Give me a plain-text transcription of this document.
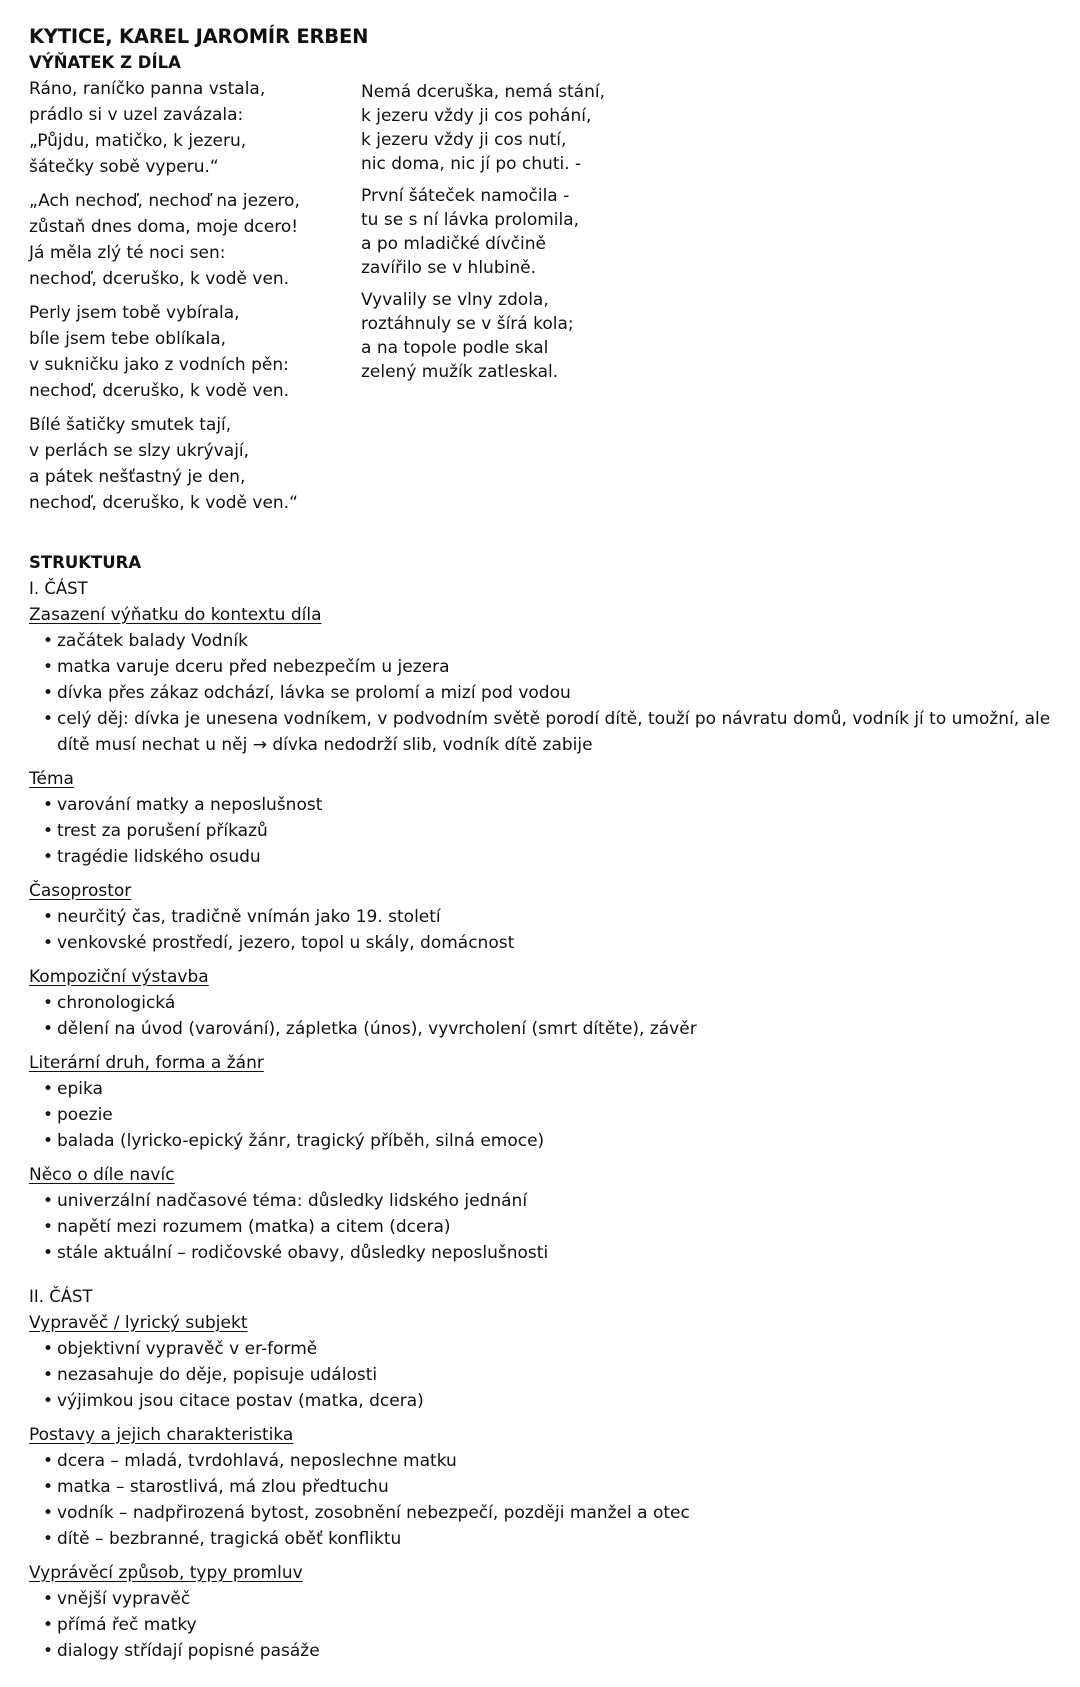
KYTICE, KAREL JAROMÍR ERBEN
VÝŇATEK Z DÍLA
Ráno, raníčko panna vstala,
prádlo si v uzel zavázala:
„Půjdu, matičko, k jezeru,
šátečky sobě vyperu.“
„Ach nechoď, nechoď na jezero,
zůstaň dnes doma, moje dcero!
Já měla zlý té noci sen:
nechoď, dceruško, k vodě ven.
Perly jsem tobě vybírala,
bíle jsem tebe oblíkala,
v sukničku jako z vodních pěn:
nechoď, dceruško, k vodě ven.
Bílé šatičky smutek tají,
v perlách se slzy ukrývají,
a pátek nešťastný je den,
nechoď, dceruško, k vodě ven.“
Nemá dceruška, nemá stání,
k jezeru vždy ji cos pohání,
k jezeru vždy ji cos nutí,
nic doma, nic jí po chuti. -
První šáteček namočila -
tu se s ní lávka prolomila,
a po mladičké dívčině
zavířilo se v hlubině.
Vyvalily se vlny zdola,
roztáhnuly se v šírá kola;
a na topole podle skal
zelený mužík zatleskal.
STRUKTURA

I. ČÁST

Zasazení výňatku do kontextu díla

• začátek balady Vodník
• matka varuje dceru před nebezpečím u jezera
• dívka přes zákaz odchází, lávka se prolomí a mizí pod vodou
• celý děj: dívka je unesena vodníkem, v podvodním světě porodí dítě, touží po návratu domů, vodník jí to umožní, ale dítě musí nechat u něj → dívka nedodrží slib, vodník dítě zabije

Téma

• varování matky a neposlušnost
• trest za porušení příkazů
• tragédie lidského osudu

Časoprostor

• neurčitý čas, tradičně vnímán jako 19. století
• venkovské prostředí, jezero, topol u skály, domácnost

Kompoziční výstavba

• chronologická
• dělení na úvod (varování), zápletka (únos), vyvrcholení (smrt dítěte), závěr

Literární druh, forma a žánr

• epika
• poezie
• balada (lyricko-epický žánr, tragický příběh, silná emoce)

Něco o díle navíc

• univerzální nadčasové téma: důsledky lidského jednání
• napětí mezi rozumem (matka) a citem (dcera)
• stále aktuální – rodičovské obavy, důsledky neposlušnosti

II. ČÁST

Vypravěč / lyrický subjekt

• objektivní vypravěč v er-formě
• nezasahuje do děje, popisuje události
• výjimkou jsou citace postav (matka, dcera)

Postavy a jejich charakteristika

• dcera – mladá, tvrdohlavá, neposlechne matku
• matka – starostlivá, má zlou předtuchu
• vodník – nadpřirozená bytost, zosobnění nebezpečí, později manžel a otec
• dítě – bezbranné, tragická oběť konfliktu

Vyprávěcí způsob, typy promluv

• vnější vypravěč
• přímá řeč matky
• dialogy střídají popisné pasáže
